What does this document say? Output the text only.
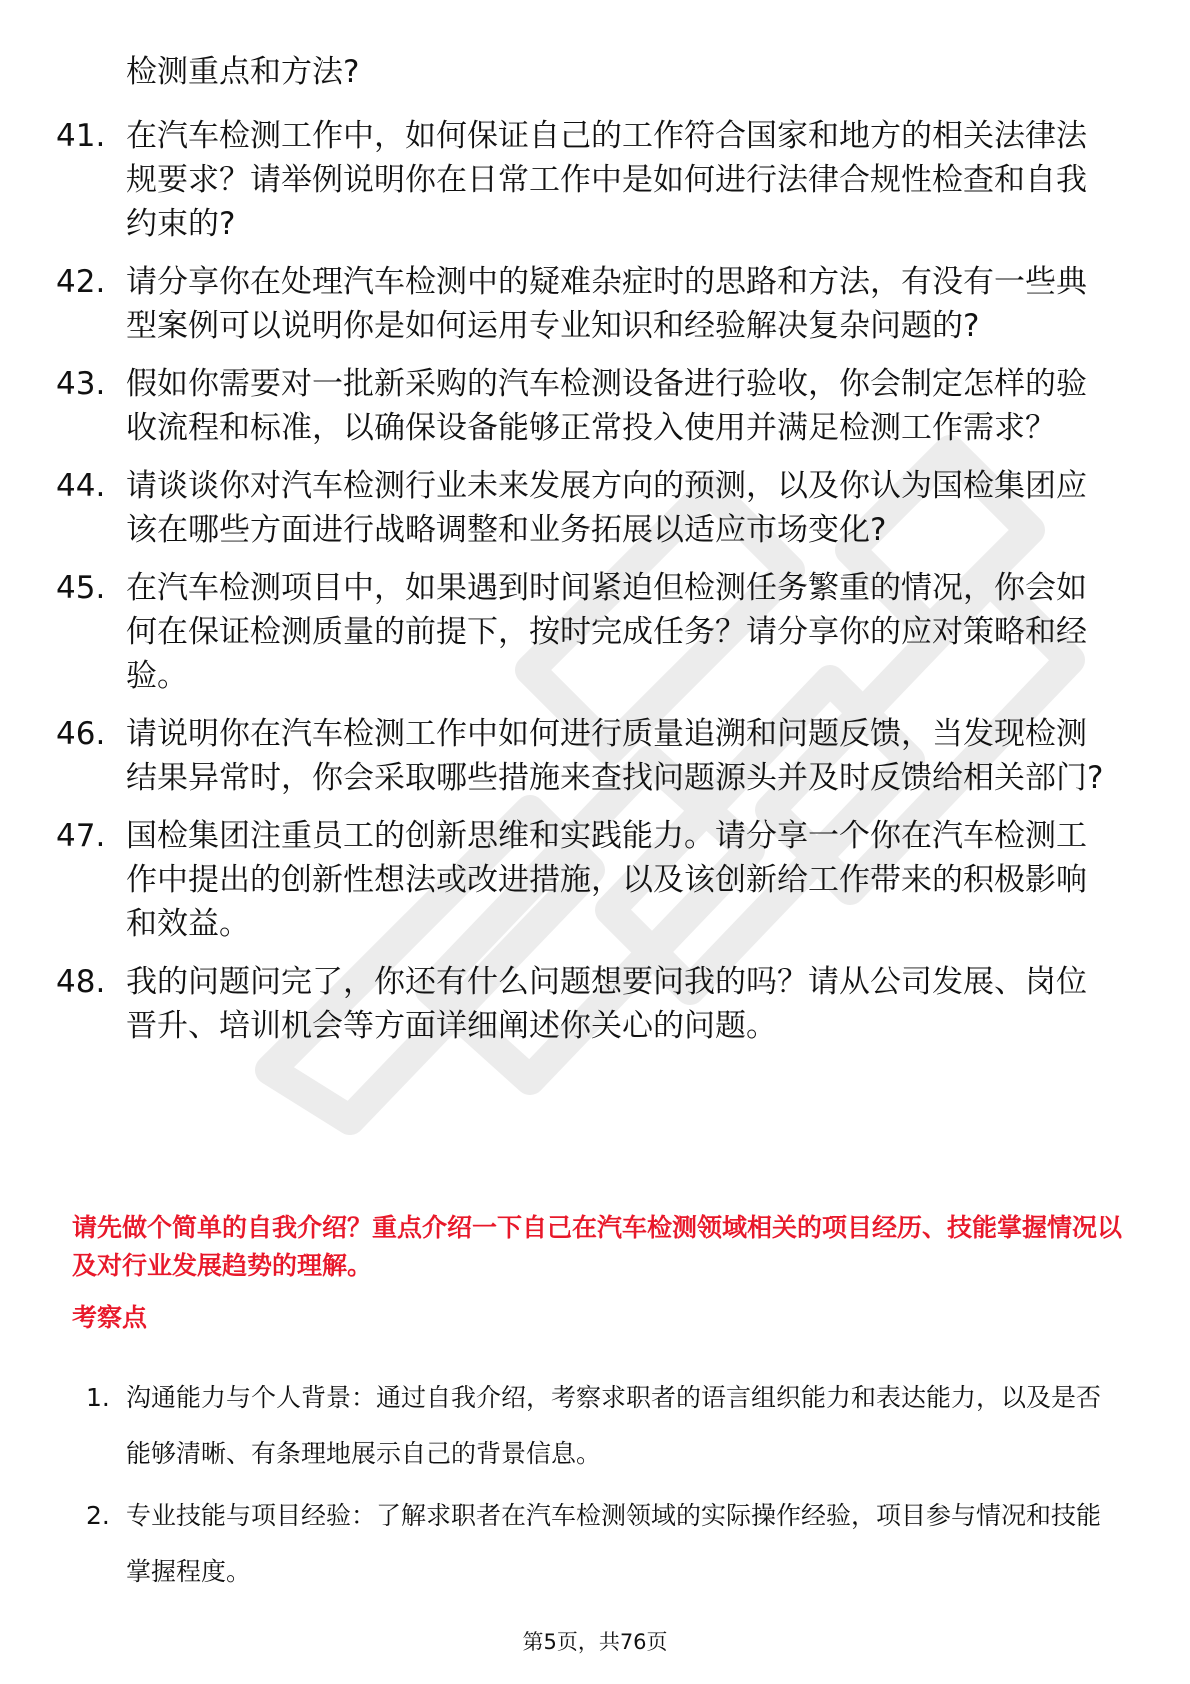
检测重点和方法?

41. 在汽车检测工作中，如何保证自己的工作符合国家和地方的相关法律法规要求？请举例说明你在日常工作中是如何进行法律合规性检查和自我约束的?
42. 请分享你在处理汽车检测中的疑难杂症时的思路和方法，有没有一些典型案例可以说明你是如何运用专业知识和经验解决复杂问题的?
43. 假如你需要对一批新采购的汽车检测设备进行验收，你会制定怎样的验收流程和标准，以确保设备能够正常投入使用并满足检测工作需求？
44. 请谈谈你对汽车检测行业未来发展方向的预测，以及你认为国检集团应该在哪些方面进行战略调整和业务拓展以适应市场变化?
45. 在汽车检测项目中，如果遇到时间紧迫但检测任务繁重的情况，你会如何在保证检测质量的前提下，按时完成任务？请分享你的应对策略和经验。
46. 请说明你在汽车检测工作中如何进行质量追溯和问题反馈，当发现检测结果异常时，你会采取哪些措施来查找问题源头并及时反馈给相关部门?
47. 国检集团注重员工的创新思维和实践能力。请分享一个你在汽车检测工作中提出的创新性想法或改进措施，以及该创新给工作带来的积极影响和效益。
48. 我的问题问完了，你还有什么问题想要问我的吗？请从公司发展、岗位晋升、培训机会等方面详细阐述你关心的问题。

请先做个简单的自我介绍？重点介绍一下自己在汽车检测领域相关的项目经历、技能掌握情况以及对行业发展趋势的理解。

考察点
1. 沟通能力与个人背景：通过自我介绍，考察求职者的语言组织能力和表达能力，以及是否能够清晰、有条理地展示自己的背景信息。
2. 专业技能与项目经验：了解求职者在汽车检测领域的实际操作经验，项目参与情况和技能掌握程度。
第5页，共76页
